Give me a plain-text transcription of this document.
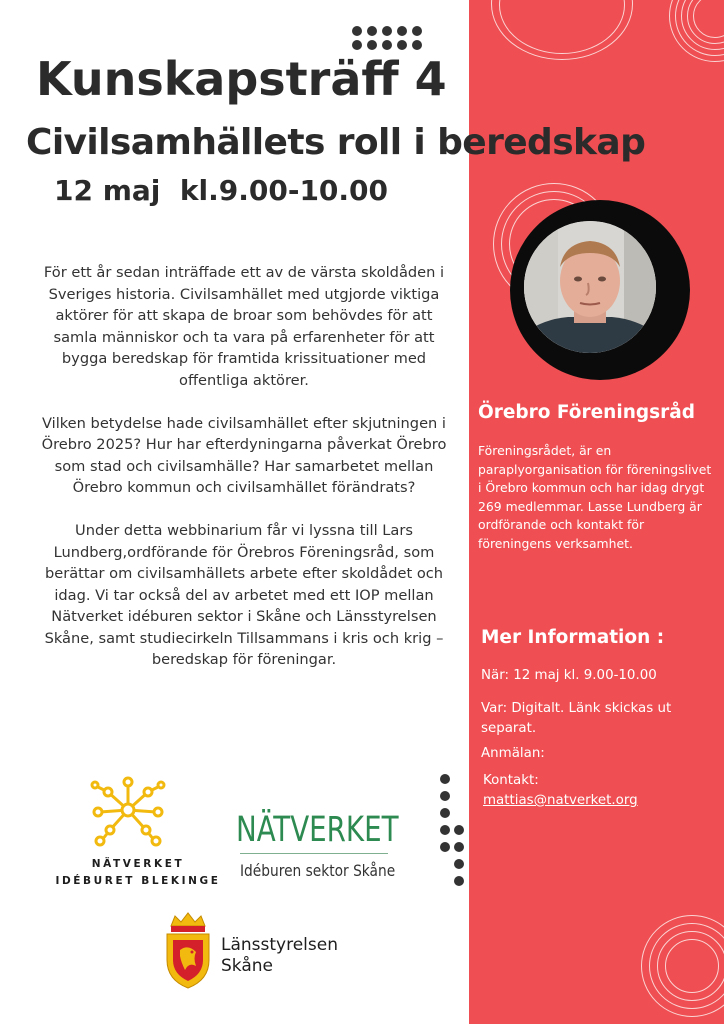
Kunskapsträff 4
Civilsamhällets roll i beredskap
12 maj  kl.9.00-10.00

För ett år sedan inträffade ett av de värsta skoldåden i Sveriges historia. Civilsamhället med utgjorde viktiga aktörer för att skapa de broar som behövdes för att samla människor och ta vara på erfarenheter för att bygga beredskap för framtida krissituationer med offentliga aktörer.

Vilken betydelse hade civilsamhället efter skjutningen i Örebro 2025? Hur har efterdyningarna påverkat Örebro som stad och civilsamhälle? Har samarbetet mellan Örebro kommun och civilsamhället förändrats?

Under detta webbinarium får vi lyssna till Lars Lundberg,ordförande för Örebros Föreningsråd, som berättar om civilsamhällets arbete efter skoldådet och idag. Vi tar också del av arbetet med ett IOP mellan Nätverket idéburen sektor i Skåne och Länsstyrelsen Skåne, samt studiecirkeln Tillsammans i kris och krig – beredskap för föreningar.

Örebro Föreningsråd
Föreningsrådet, är en paraplyorganisation för föreningslivet i Örebro kommun och har idag drygt 269 medlemmar. Lasse Lundberg är ordförande och kontakt för föreningens verksamhet.
Mer Information :
När: 12 maj kl. 9.00-10.00
Var: Digitalt. Länk skickas ut separat.
Anmälan:
Kontakt:
mattias@natverket.org
NÄTVERKET
IDÉBURET BLEKINGE
NÄTVERKET
Idéburen sektor Skåne
Länsstyrelsen
Skåne
